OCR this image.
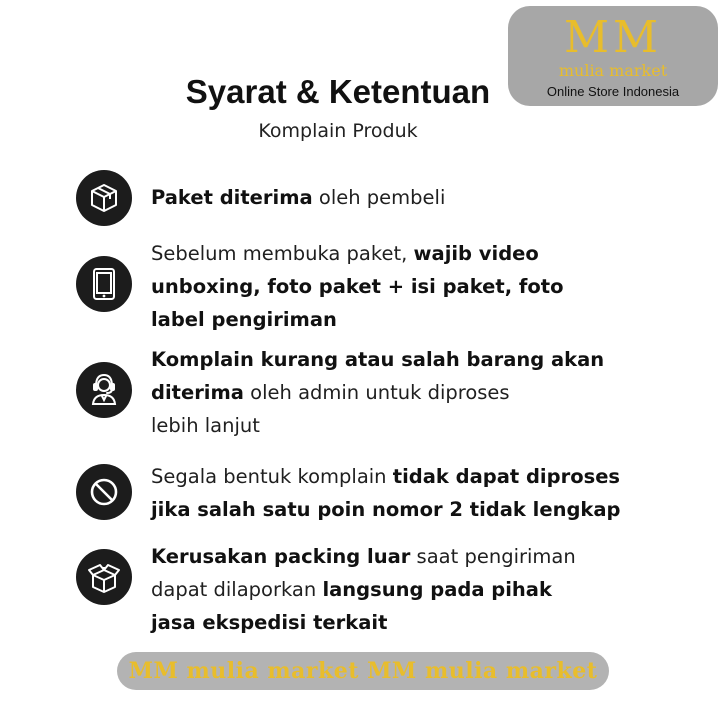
MM
mulia market
Online Store Indonesia
Syarat & Ketentuan
Komplain Produk
Paket diterima oleh pembeli
Sebelum membuka paket, wajib video
unboxing, foto paket + isi paket, foto
label pengiriman
Komplain kurang atau salah barang akan
diterima oleh admin untuk diproses
lebih lanjut
Segala bentuk komplain tidak dapat diproses
jika salah satu poin nomor 2 tidak lengkap
Kerusakan packing luar saat pengiriman
dapat dilaporkan langsung pada pihak
jasa ekspedisi terkait
MM mulia market MM mulia market
